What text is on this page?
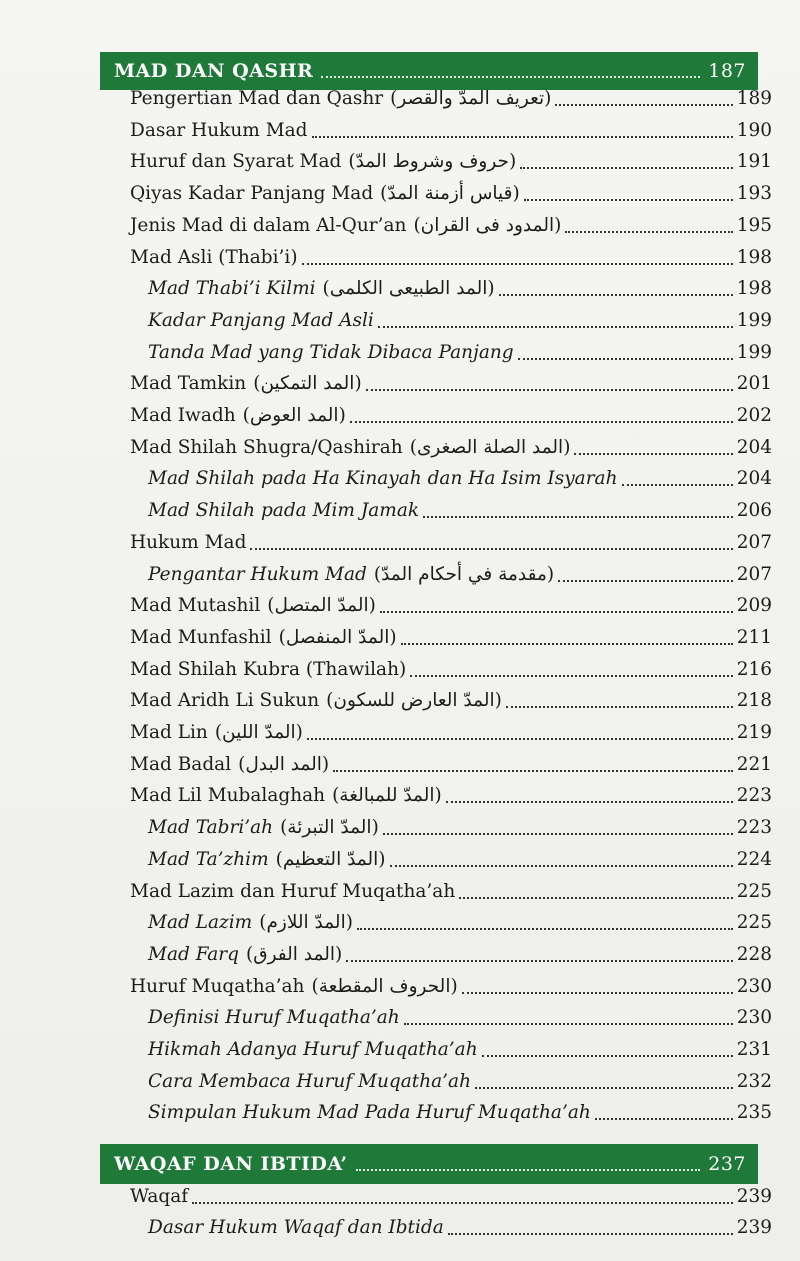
MAD DAN QASHR	187
Pengertian Mad dan Qashr (تعريف المدّ والقصر)	189
Dasar Hukum Mad	190
Huruf dan Syarat Mad (حروف وشروط المدّ)	191
Qiyas Kadar Panjang Mad (قياس أزمنة المدّ)	193
Jenis Mad di dalam Al-Qur’an (المدود فى القران)	195
Mad Asli (Thabi’i)	198
Mad Thabi’i Kilmi (المد الطبيعى الكلمى)	198
Kadar Panjang Mad Asli	199
Tanda Mad yang Tidak Dibaca Panjang	199
Mad Tamkin (المد التمكين)	201
Mad Iwadh (المد العوض)	202
Mad Shilah Shugra/Qashirah (المد الصلة الصغرى)	204
Mad Shilah pada Ha Kinayah dan Ha Isim Isyarah	204
Mad Shilah pada Mim Jamak	206
Hukum Mad	207
Pengantar Hukum Mad (مقدمة في أحكام المدّ)	207
Mad Mutashil (المدّ المتصل)	209
Mad Munfashil (المدّ المنفصل)	211
Mad Shilah Kubra (Thawilah)	216
Mad Aridh Li Sukun (المدّ العارض للسكون)	218
Mad Lin (المدّ اللين)	219
Mad Badal (المد البدل)	221
Mad Lil Mubalaghah (المدّ للمبالغة)	223
Mad Tabri’ah (المدّ التبرئة)	223
Mad Ta’zhim (المدّ التعظيم)	224
Mad Lazim dan Huruf Muqatha’ah	225
Mad Lazim (المدّ اللازم)	225
Mad Farq (المد الفرق)	228
Huruf Muqatha’ah (الحروف المقطعة)	230
Definisi Huruf Muqatha’ah	230
Hikmah Adanya Huruf Muqatha’ah	231
Cara Membaca Huruf Muqatha’ah	232
Simpulan Hukum Mad Pada Huruf Muqatha’ah	235
WAQAF DAN IBTIDA’	237
Waqaf	239
Dasar Hukum Waqaf dan Ibtida	239
